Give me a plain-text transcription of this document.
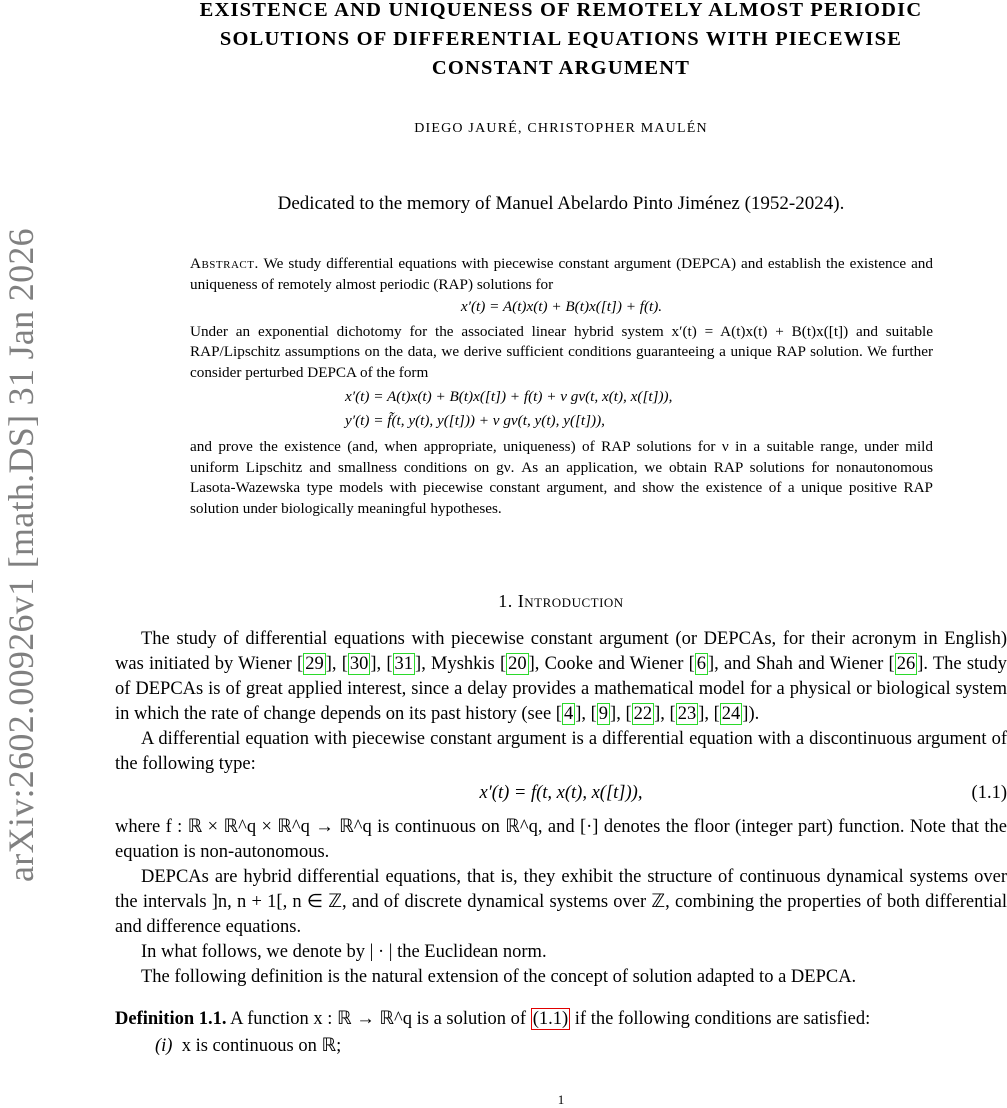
arXiv:2602.00926v1 [math.DS] 31 Jan 2026
EXISTENCE AND UNIQUENESS OF REMOTELY ALMOST PERIODIC
SOLUTIONS OF DIFFERENTIAL EQUATIONS WITH PIECEWISE
CONSTANT ARGUMENT
DIEGO JAURÉ, CHRISTOPHER MAULÉN
Dedicated to the memory of Manuel Abelardo Pinto Jiménez (1952-2024).

Abstract. We study differential equations with piecewise constant argument (DEPCA) and establish the existence and uniqueness of remotely almost periodic (RAP) solutions for

x′(t) = A(t)x(t) + B(t)x([t]) + f(t).

Under an exponential dichotomy for the associated linear hybrid system x′(t) = A(t)x(t) + B(t)x([t]) and suitable RAP/Lipschitz assumptions on the data, we derive sufficient conditions guaranteeing a unique RAP solution. We further consider perturbed DEPCA of the form

x′(t) = A(t)x(t) + B(t)x([t]) + f(t) + ν gν(t, x(t), x([t])),
y′(t) = f̃(t, y(t), y([t])) + ν gν(t, y(t), y([t])),

and prove the existence (and, when appropriate, uniqueness) of RAP solutions for ν in a suitable range, under mild uniform Lipschitz and smallness conditions on gν. As an application, we obtain RAP solutions for nonautonomous Lasota-Wazewska type models with piecewise constant argument, and show the existence of a unique positive RAP solution under biologically meaningful hypotheses.

1. Introduction

The study of differential equations with piecewise constant argument (or DEPCAs, for their acronym in English) was initiated by Wiener [ 29 ], [ 30 ], [ 31 ], Myshkis [ 20 ], Cooke and Wiener [ 6 ], and Shah and Wiener [ 26 ]. The study of DEPCAs is of great applied interest, since a delay provides a mathematical model for a physical or biological system in which the rate of change depends on its past history (see [ 4 ], [ 9 ], [ 22 ], [ 23 ], [ 24 ]).

A differential equation with piecewise constant argument is a differential equation with a discontinuous argument of the following type:

x′(t) = f(t, x(t), x([t])),	(1.1)

where f : ℝ × ℝ^q × ℝ^q → ℝ^q is continuous on ℝ^q, and [·] denotes the floor (integer part) function. Note that the equation is non-autonomous.

DEPCAs are hybrid differential equations, that is, they exhibit the structure of continuous dynamical systems over the intervals ]n, n + 1[, n ∈ ℤ, and of discrete dynamical systems over ℤ, combining the properties of both differential and difference equations.

In what follows, we denote by | · | the Euclidean norm.

The following definition is the natural extension of the concept of solution adapted to a DEPCA.

Definition 1.1. A function x : ℝ → ℝ^q is a solution of (1.1) if the following conditions are satisfied:

(i) x is continuous on ℝ;
1
